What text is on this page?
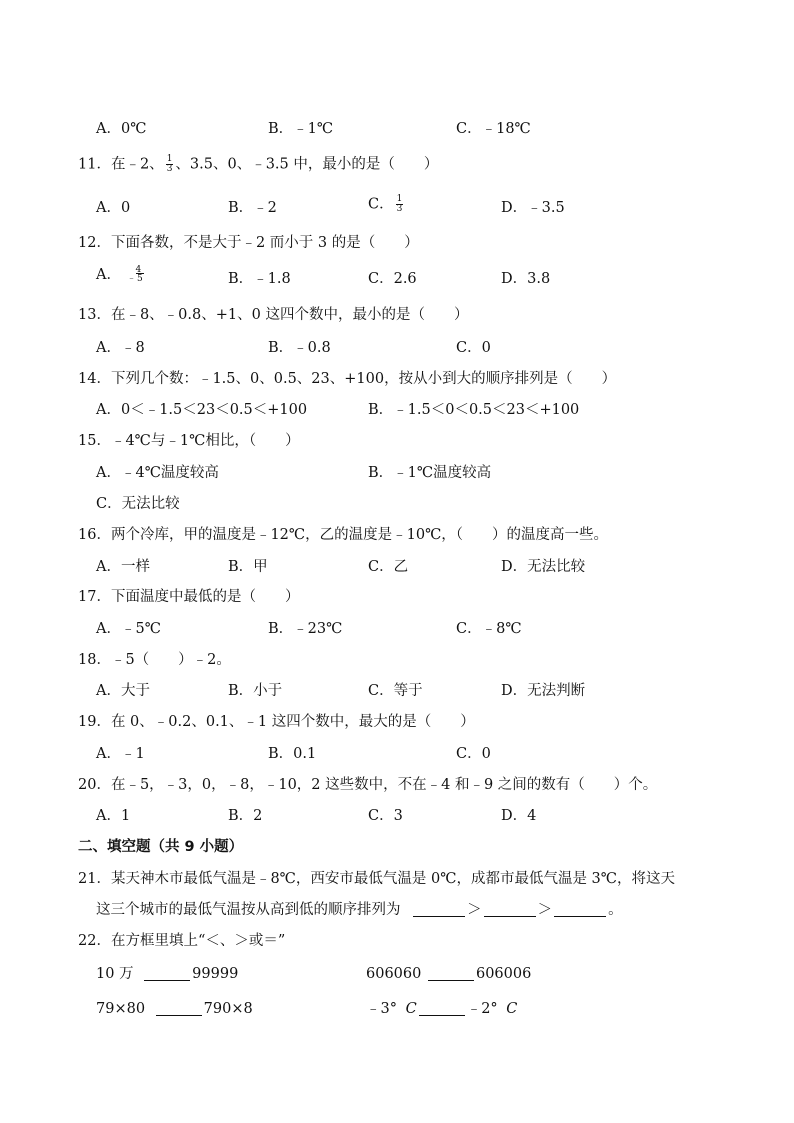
A．0℃	B．﹣1℃	C．﹣18℃
11．在﹣2、 $\frac{1}{3}$ 、3.5、0、﹣3.5 中，最小的是（　　）
A．0	B．﹣2	C． $\frac{1}{3}$	D．﹣3.5
12．下面各数，不是大于﹣2 而小于 3 的是（　　）
A．	4
﹣5	B．﹣1.8	C．2.6	D．3.8
13．在﹣8、﹣0.8、+1、0 这四个数中，最小的是（　　）
A．﹣8	B．﹣0.8	C．0
14．下列几个数：﹣1.5、0、0.5、23、+100，按从小到大的顺序排列是（　　）
A．0＜﹣1.5＜23＜0.5＜+100	B．﹣1.5＜0＜0.5＜23＜+100
15．﹣4℃与﹣1℃相比，（　　）
A．﹣4℃温度较高	B．﹣1℃温度较高
C．无法比较
16．两个冷库，甲的温度是﹣12℃，乙的温度是﹣10℃，（　　）的温度高一些。
A．一样	B．甲	C．乙	D．无法比较
17．下面温度中最低的是（　　）
A．﹣5℃	B．﹣23℃	C．﹣8℃
18．﹣5（　　）﹣2。
A．大于	B．小于	C．等于	D．无法判断
19．在 0、﹣0.2、0.1、﹣1 这四个数中，最大的是（　　）
A．﹣1	B．0.1	C．0
20．在﹣5，﹣3，0，﹣8，﹣10，2 这些数中，不在﹣4 和﹣9 之间的数有（　　）个。
A．1	B．2	C．3	D．4
二、填空题（共 9 小题）
21．某天神木市最低气温是﹣8℃，西安市最低气温是 0℃，成都市最低气温是 3℃，将这天
这三个城市的最低气温按从高到低的顺序排列为	＞	＞	。
22．在方框里填上“＜、＞或＝”
10 万	99999	606060	606006
79×80	790×8	﹣3° C	﹣2° C
